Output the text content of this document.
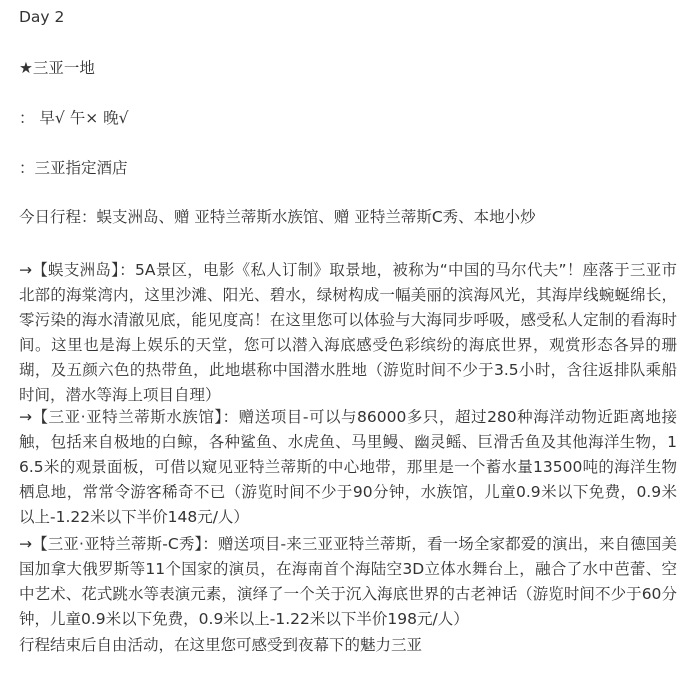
Day 2
★三亚一地
： 早√ 午× 晚√
：三亚指定酒店
今日行程：蜈支洲岛、赠 亚特兰蒂斯水族馆、赠 亚特兰蒂斯C秀、本地小炒
→【蜈支洲岛】：5A景区，电影《私人订制》取景地，被称为“中国的马尔代夫”！座落于三亚市北部的海棠湾内，这里沙滩、阳光、碧水，绿树构成一幅美丽的滨海风光，其海岸线蜿蜒绵长，零污染的海水清澈见底，能见度高！在这里您可以体验与大海同步呼吸，感受私人定制的看海时间。这里也是海上娱乐的天堂，您可以潜入海底感受色彩缤纷的海底世界，观赏形态各异的珊瑚，及五颜六色的热带鱼，此地堪称中国潜水胜地（游览时间不少于3.5小时，含往返排队乘船时间，潜水等海上项目自理）
→【三亚·亚特兰蒂斯水族馆】：赠送项目-可以与86000多只，超过280种海洋动物近距离地接触，包括来自极地的白鲸，各种鲨鱼、水虎鱼、马里鳗、幽灵鳐、巨滑舌鱼及其他海洋生物，16.5米的观景面板，可借以窥见亚特兰蒂斯的中心地带，那里是一个蓄水量13500吨的海洋生物栖息地，常常令游客稀奇不已（游览时间不少于90分钟，水族馆，儿童0.9米以下免费，0.9米以上-1.22米以下半价148元/人）
→【三亚·亚特兰蒂斯-C秀】：赠送项目-来三亚亚特兰蒂斯，看一场全家都爱的演出，来自德国美国加拿大俄罗斯等11个国家的演员，在海南首个海陆空3D立体水舞台上，融合了水中芭蕾、空中艺术、花式跳水等表演元素，演绎了一个关于沉入海底世界的古老神话（游览时间不少于60分钟，儿童0.9米以下免费，0.9米以上-1.22米以下半价198元/人）
行程结束后自由活动，在这里您可感受到夜幕下的魅力三亚
